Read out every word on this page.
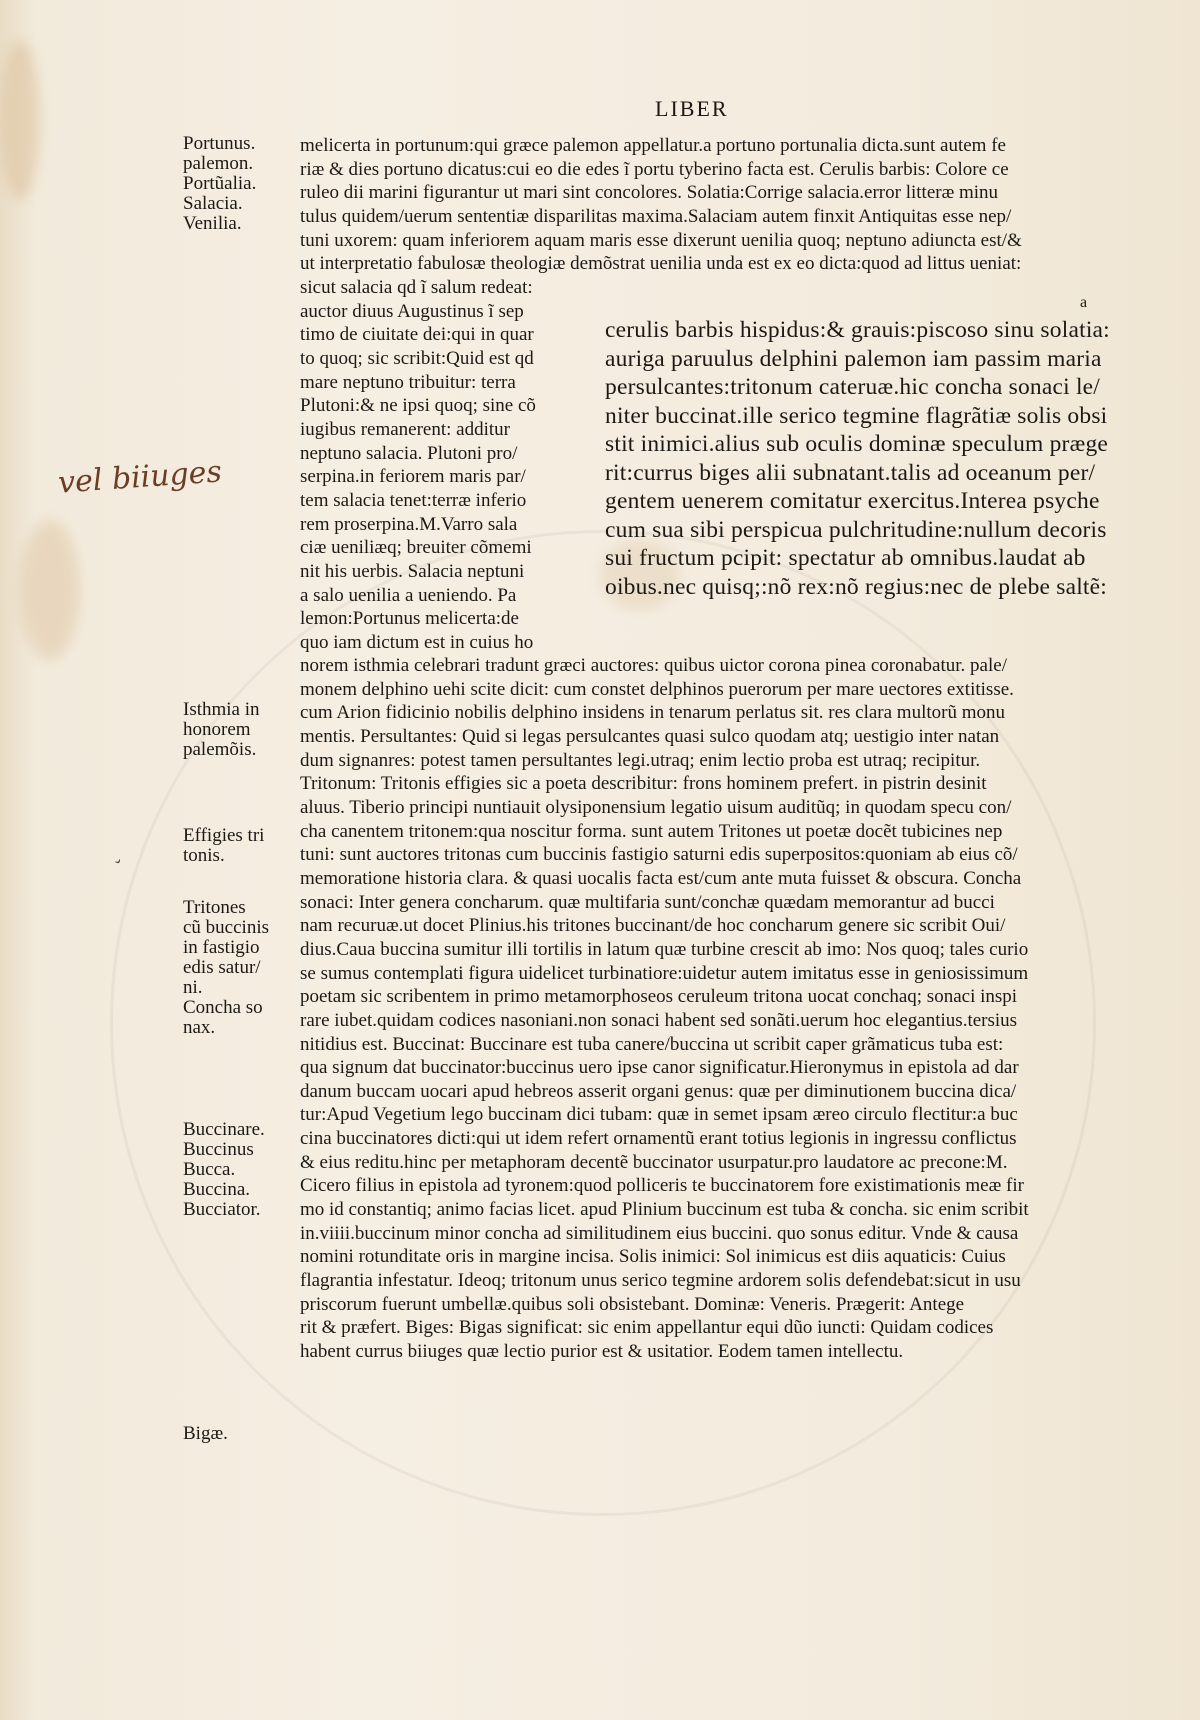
LIBER
vel biiuges
ˇ
Portunus.
palemon.
Portũalia.
Salacia.
Venilia.
Isthmia in
honorem
palemõis.
Effigies tri
tonis.
Tritones
cũ buccinis
in fastigio
edis satur/
ni.
Concha so
nax.
Buccinare.
Buccinus
Bucca.
Buccina.
Bucciator.
Bigæ.
melicerta in portunum:qui græce palemon appellatur.a portuno portunalia dicta.sunt autem fe
riæ & dies portuno dicatus:cui eo die edes ĩ portu tyberino facta est. Cerulis barbis: Colore ce
ruleo dii marini figurantur ut mari sint concolores. Solatia:Corrige salacia.error litteræ minu
tulus quidem/uerum sententiæ disparilitas maxima.Salaciam autem finxit Antiquitas esse nep/
tuni uxorem: quam inferiorem aquam maris esse dixerunt uenilia quoq; neptuno adiuncta est/&
ut interpretatio fabulosæ theologiæ demõstrat uenilia unda est ex eo dicta:quod ad littus ueniat:
sicut salacia qd ĩ salum redeat:
auctor diuus Augustinus ĩ sep
timo de ciuitate dei:qui in quar
to quoq; sic scribit:Quid est qd
mare neptuno tribuitur: terra
Plutoni:& ne ipsi quoq; sine cõ
iugibus remanerent: additur
neptuno salacia. Plutoni pro/
serpina.in feriorem maris par/
tem salacia tenet:terræ inferio
rem proserpina.M.Varro sala
ciæ ueniliæq; breuiter cõmemi
nit his uerbis. Salacia neptuni
a salo uenilia a ueniendo. Pa
lemon:Portunus melicerta:de
quo iam dictum est in cuius ho
a
cerulis barbis hispidus:& grauis:piscoso sinu solatia:
auriga paruulus delphini palemon iam passim maria
persulcantes:tritonum cateruæ.hic concha sonaci le/
niter buccinat.ille serico tegmine flagrãtiæ solis obsi
stit inimici.alius sub oculis dominæ speculum præge
rit:currus biges alii subnatant.talis ad oceanum per/
gentem uenerem comitatur exercitus.Interea psyche
cum sua sibi perspicua pulchritudine:nullum decoris
sui fructum pcipit: spectatur ab omnibus.laudat ab
oibus.nec quisq;:nõ rex:nõ regius:nec de plebe saltẽ:
norem isthmia celebrari tradunt græci auctores: quibus uictor corona pinea coronabatur. pale/
monem delphino uehi scite dicit: cum constet delphinos puerorum per mare uectores extitisse.
cum Arion fidicinio nobilis delphino insidens in tenarum perlatus sit. res clara multorũ monu
mentis. Persultantes: Quid si legas persulcantes quasi sulco quodam atq; uestigio inter natan
dum signanres: potest tamen persultantes legi.utraq; enim lectio proba est utraq; recipitur.
Tritonum: Tritonis effigies sic a poeta describitur: frons hominem prefert. in pistrin desinit
aluus. Tiberio principi nuntiauit olysiponensium legatio uisum auditũq; in quodam specu con/
cha canentem tritonem:qua noscitur forma. sunt autem Tritones ut poetæ docẽt tubicines nep
tuni: sunt auctores tritonas cum buccinis fastigio saturni edis superpositos:quoniam ab eius cõ/
memoratione historia clara. & quasi uocalis facta est/cum ante muta fuisset & obscura. Concha
sonaci: Inter genera concharum. quæ multifaria sunt/conchæ quædam memorantur ad bucci
nam recuruæ.ut docet Plinius.his tritones buccinant/de hoc concharum genere sic scribit Oui/
dius.Caua buccina sumitur illi tortilis in latum quæ turbine crescit ab imo: Nos quoq; tales curio
se sumus contemplati figura uidelicet turbinatiore:uidetur autem imitatus esse in geniosissimum
poetam sic scribentem in primo metamorphoseos ceruleum tritona uocat conchaq; sonaci inspi
rare iubet.quidam codices nasoniani.non sonaci habent sed sonãti.uerum hoc elegantius.tersius
nitidius est. Buccinat: Buccinare est tuba canere/buccina ut scribit caper grãmaticus tuba est:
qua signum dat buccinator:buccinus uero ipse canor significatur.Hieronymus in epistola ad dar
danum buccam uocari apud hebreos asserit organi genus: quæ per diminutionem buccina dica/
tur:Apud Vegetium lego buccinam dici tubam: quæ in semet ipsam æreo circulo flectitur:a buc
cina buccinatores dicti:qui ut idem refert ornamentũ erant totius legionis in ingressu conflictus
& eius reditu.hinc per metaphoram decentẽ buccinator usurpatur.pro laudatore ac precone:M.
Cicero filius in epistola ad tyronem:quod polliceris te buccinatorem fore existimationis meæ fir
mo id constantiq; animo facias licet. apud Plinium buccinum est tuba & concha. sic enim scribit
in.viiii.buccinum minor concha ad similitudinem eius buccini. quo sonus editur. Vnde & causa
nomini rotunditate oris in margine incisa. Solis inimici: Sol inimicus est diis aquaticis: Cuius
flagrantia infestatur. Ideoq; tritonum unus serico tegmine ardorem solis defendebat:sicut in usu
priscorum fuerunt umbellæ.quibus soli obsistebant. Dominæ: Veneris. Prægerit: Antege
rit & præfert. Biges: Bigas significat: sic enim appellantur equi dũo iuncti: Quidam codices
habent currus biiuges quæ lectio purior est & usitatior. Eodem tamen intellectu.
